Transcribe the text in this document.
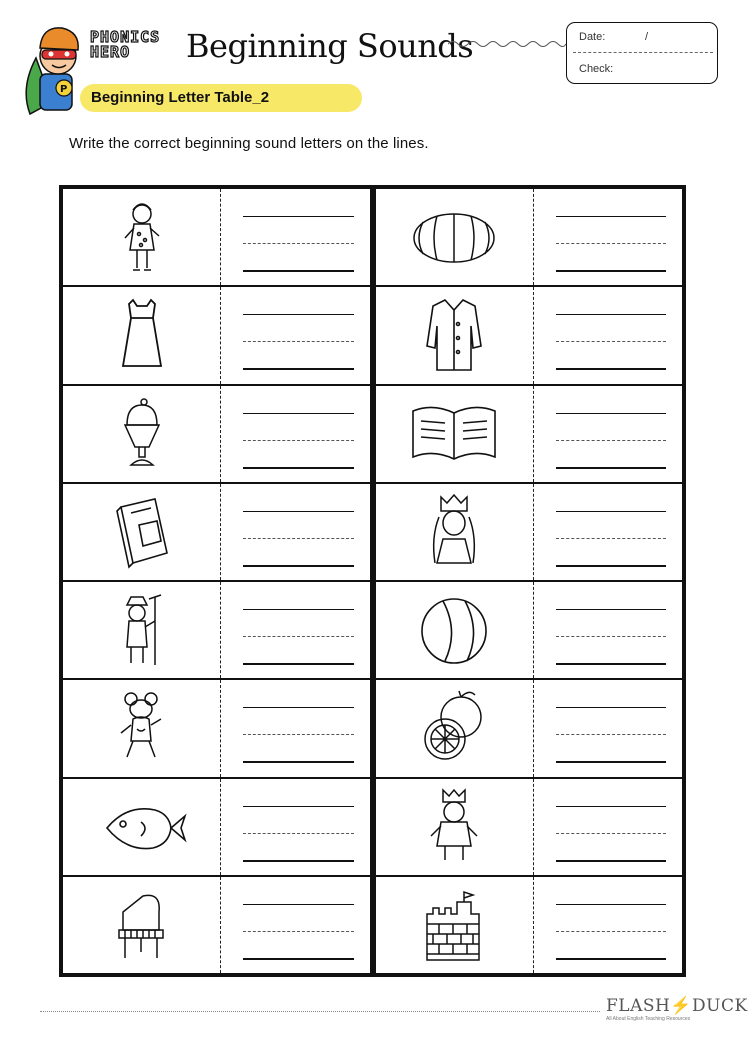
P
PHONICS
HERO	Beginning Sounds	Date:	/
Check:
Beginning Letter Table_2
Write the correct beginning sound letters on the lines.
FLASH⚡DUCK
All About English Teaching Resources
